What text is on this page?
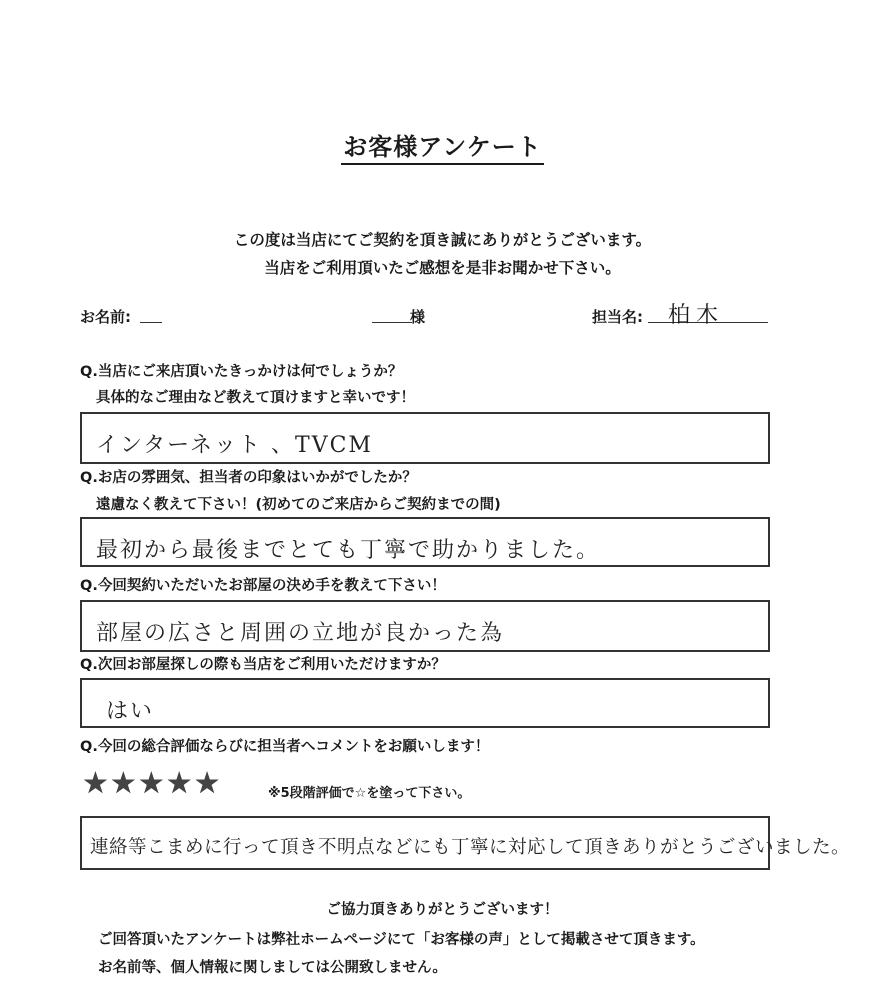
お客様アンケート
この度は当店にてご契約を頂き誠にありがとうございます。
当店をご利用頂いたご感想を是非お聞かせ下さい。
お名前:	様	担当名: 柏木
Q.当店にご来店頂いたきっかけは何でしょうか？
具体的なご理由など教えて頂けますと幸いです！
インターネット 、TVCM
Q.お店の雰囲気、担当者の印象はいかがでしたか？
遠慮なく教えて下さい！(初めてのご来店からご契約までの間)
最初から最後までとても丁寧で助かりました。
Q.今回契約いただいたお部屋の決め手を教えて下さい！
部屋の広さと周囲の立地が良かった為
Q.次回お部屋探しの際も当店をご利用いただけますか？
はい
Q.今回の総合評価ならびに担当者へコメントをお願いします！
★★★★★	※5段階評価で☆を塗って下さい。
連絡等こまめに行って頂き不明点などにも丁寧に対応して頂きありがとうございました。
ご協力頂きありがとうございます！
ご回答頂いたアンケートは弊社ホームページにて「お客様の声」として掲載させて頂きます。
お名前等、個人情報に関しましては公開致しません。
